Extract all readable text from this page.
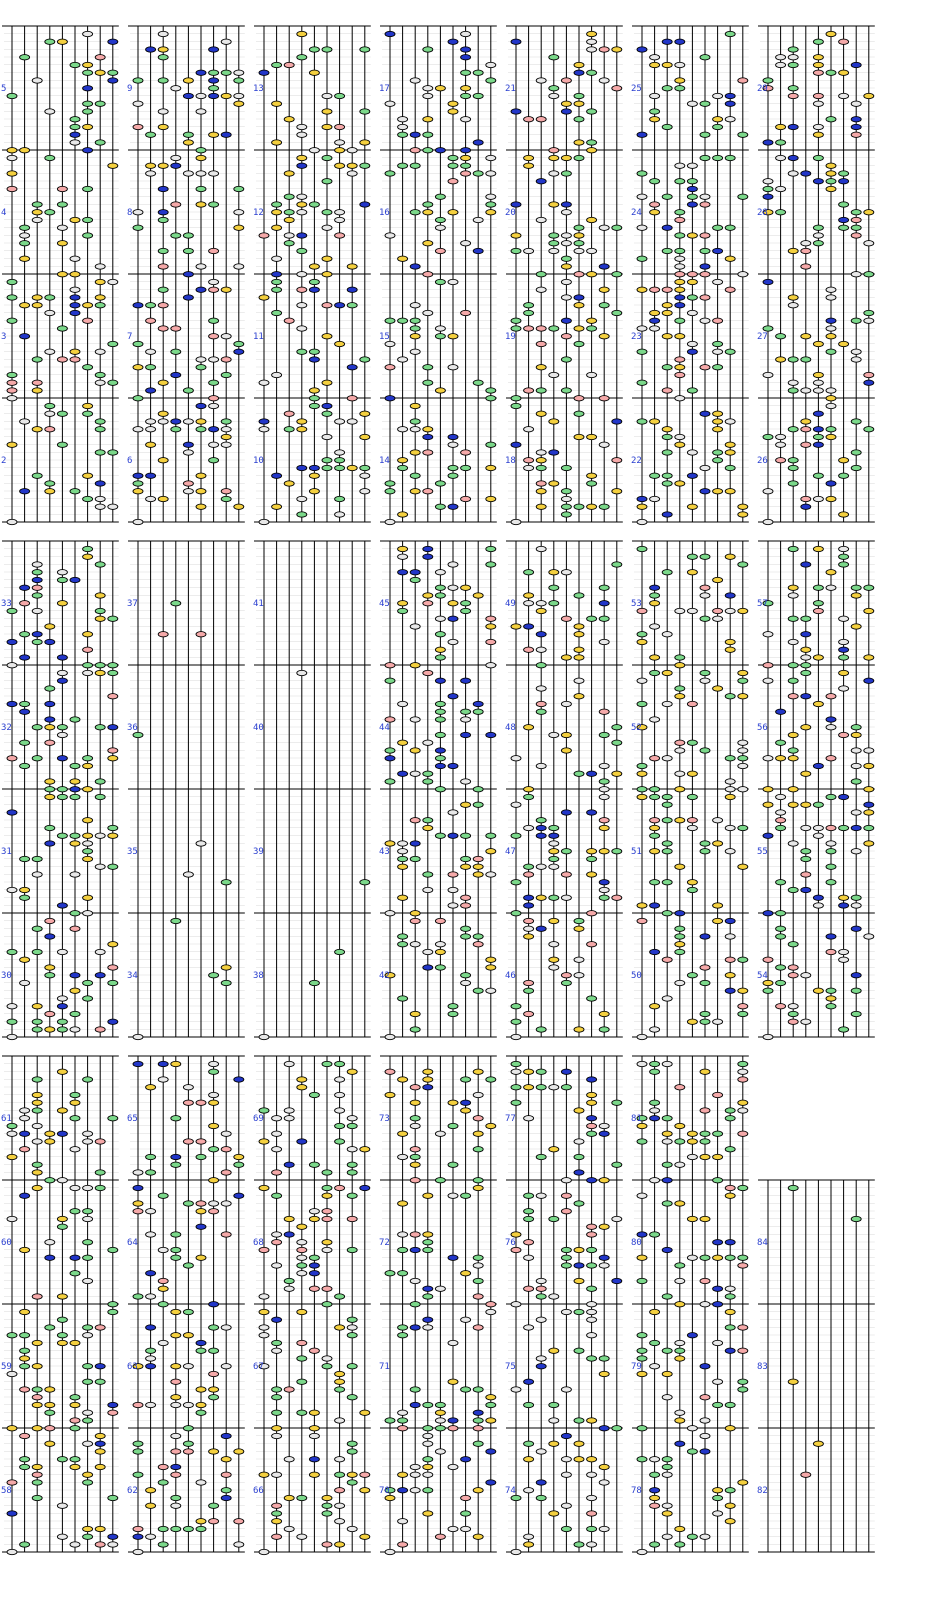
5
4
3
2
9
8
7
6
13
12
11
10
17
16
15
14
21
20
19
18
25
24
23
22
29
28
27
26
33
32
31
30
37
36
35
34
41
40
39
38
45
44
43
42
49
48
47
46
53
52
51
50
57
56
55
54
61
60
59
58
65
64
63
62
69
68
67
66
73
72
71
70
77
76
75
74
81
80
79
78
84
83
82
